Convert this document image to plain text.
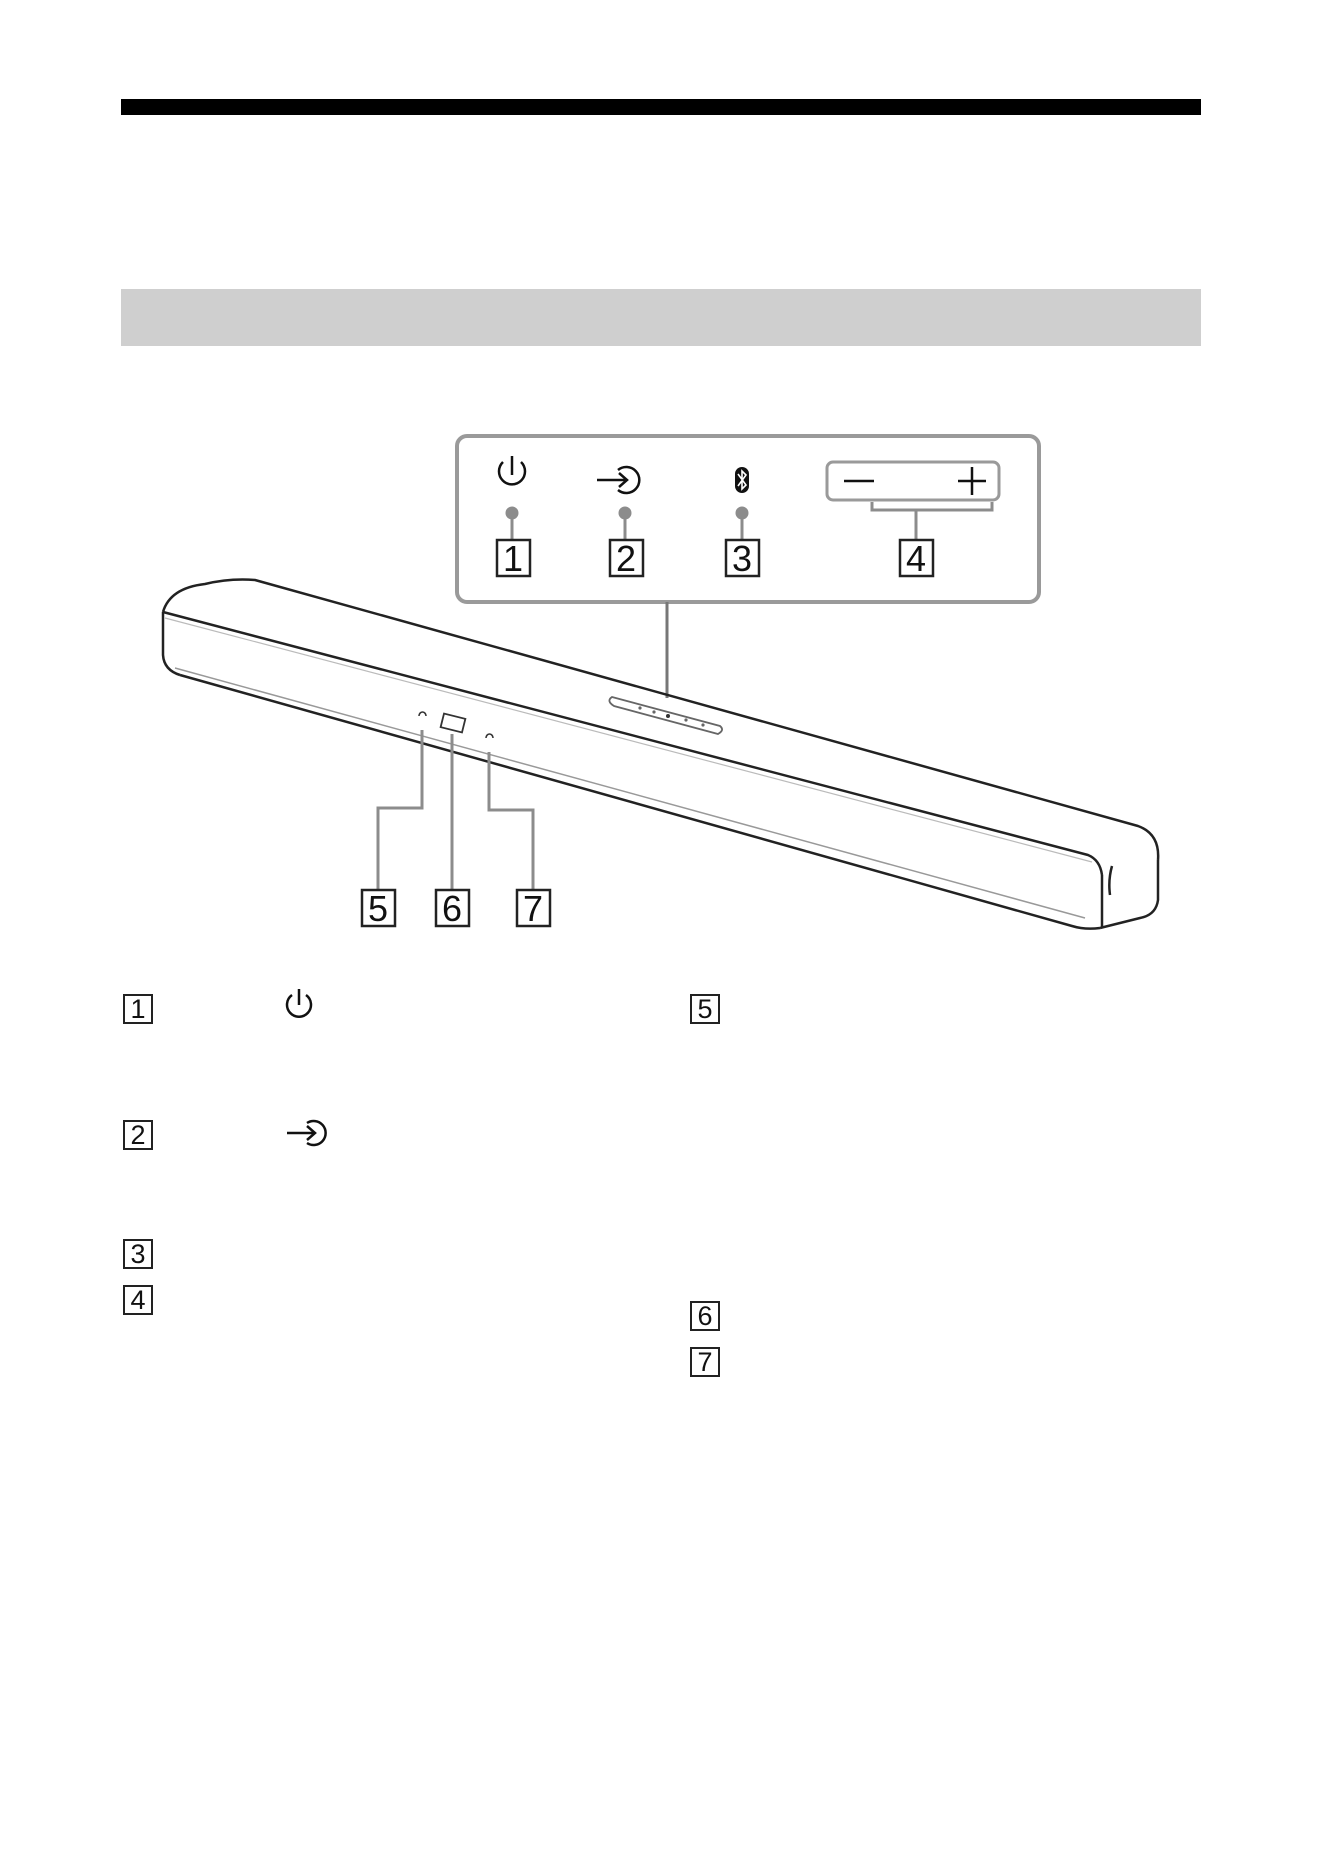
1	2	3	4
5 6 7
1
2
3
4
5
6
7
